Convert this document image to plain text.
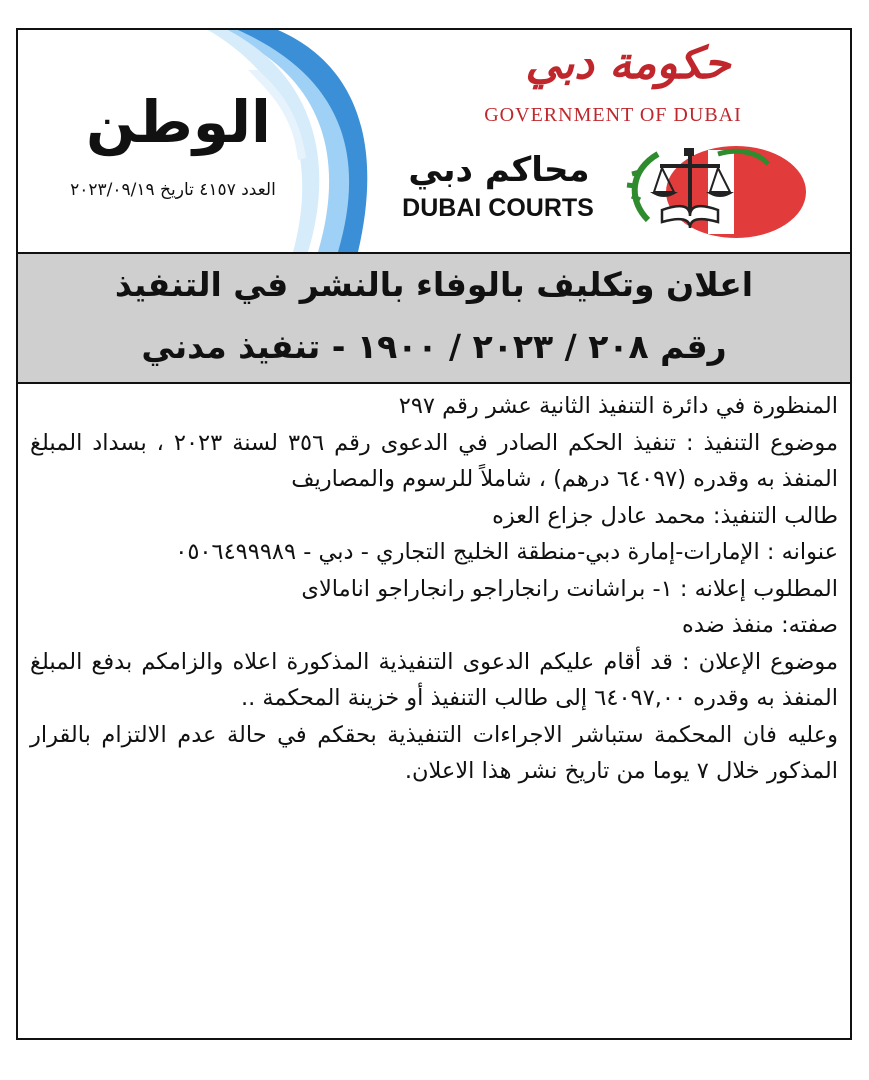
الوطن
العدد ٤١٥٧ تاريخ ٢٠٢٣/٠٩/١٩
حكومة دبي
GOVERNMENT OF DUBAI
محاكم دبي
DUBAI COURTS
اعلان وتكليف بالوفاء بالنشر في التنفيذ
رقم ٢٠٨ / ٢٠٢٣ / ١٩٠٠ - تنفيذ مدني

المنظورة في دائرة التنفيذ الثانية عشر رقم ٢٩٧

موضوع التنفيذ : تنفيذ الحكم الصادر في الدعوى رقم ٣٥٦ لسنة ٢٠٢٣ ، بسداد المبلغ المنفذ به وقدره (٦٤٠٩٧ درهم) ، شاملاً للرسوم والمصاريف

طالب التنفيذ: محمد عادل جزاع العزه

عنوانه : الإمارات-إمارة دبي-منطقة الخليج التجاري - دبي - ٠٥٠٦٤٩٩٩٨٩

المطلوب إعلانه : ١- براشانت رانجاراجو رانجاراجو انامالاى

صفته: منفذ ضده

موضوع الإعلان : قد أقام عليكم الدعوى التنفيذية المذكورة اعلاه والزامكم بدفع المبلغ المنفذ به وقدره ٦٤٠٩٧,٠٠ إلى طالب التنفيذ أو خزينة المحكمة ..

وعليه فان المحكمة ستباشر الاجراءات التنفيذية بحقكم في حالة عدم الالتزام بالقرار المذكور خلال ٧ يوما من تاريخ نشر هذا الاعلان.
